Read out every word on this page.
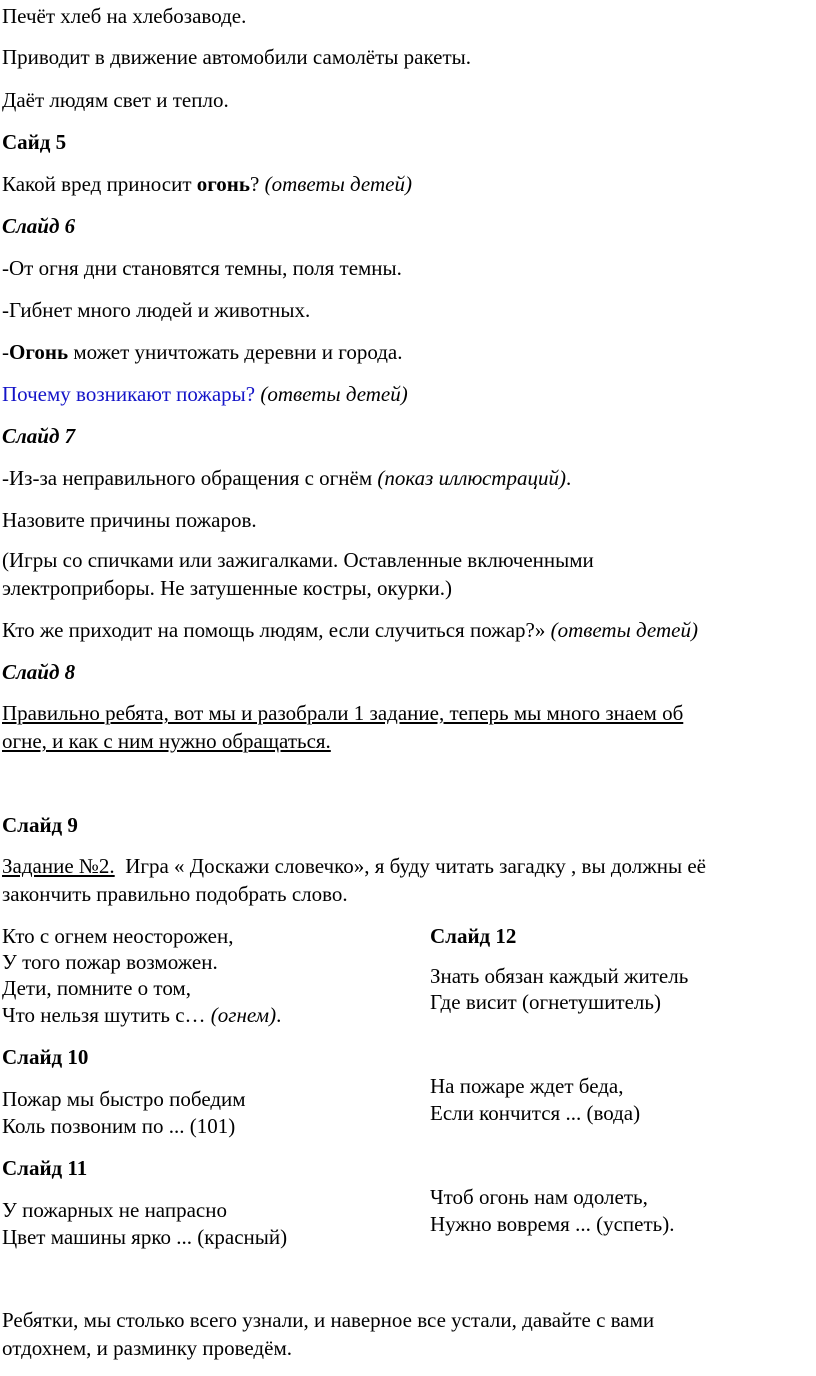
Печёт хлеб на хлебозаводе.
Приводит в движение автомобили самолёты ракеты.
Даёт людям свет и тепло.
Сайд 5
Какой вред приносит огонь? (ответы детей)
Слайд 6
-От огня дни становятся темны, поля темны.
-Гибнет много людей и животных.
-Огонь может уничтожать деревни и города.
Почему возникают пожары? (ответы детей)
Слайд 7
-Из-за неправильного обращения с огнём (показ иллюстраций).
Назовите причины пожаров.
(Игры со спичками или зажигалками. Оставленные включенными
электроприборы. Не затушенные костры, окурки.)
Кто же приходит на помощь людям, если случиться пожар?» (ответы детей)
Слайд 8
Правильно ребята, вот мы и разобрали 1 задание, теперь мы много знаем об
огне, и как с ним нужно обращаться.
Слайд 9
Задание №2.  Игра « Доскажи словечко», я буду читать загадку , вы должны её
закончить правильно подобрать слово.
Кто с огнем неосторожен,
У того пожар возможен.
Дети, помните о том,
Что нельзя шутить с… (огнем).
Слайд 10
Пожар мы быстро победим
Коль позвоним по ... (101)
Слайд 11
У пожарных не напрасно
Цвет машины ярко ... (красный)
Слайд 12
Знать обязан каждый житель
Где висит (огнетушитель)
На пожаре ждет беда,
Если кончится ... (вода)
Чтоб огонь нам одолеть,
Нужно вовремя ... (успеть).
Ребятки, мы столько всего узнали, и наверное все устали, давайте с вами
отдохнем, и разминку проведём.
